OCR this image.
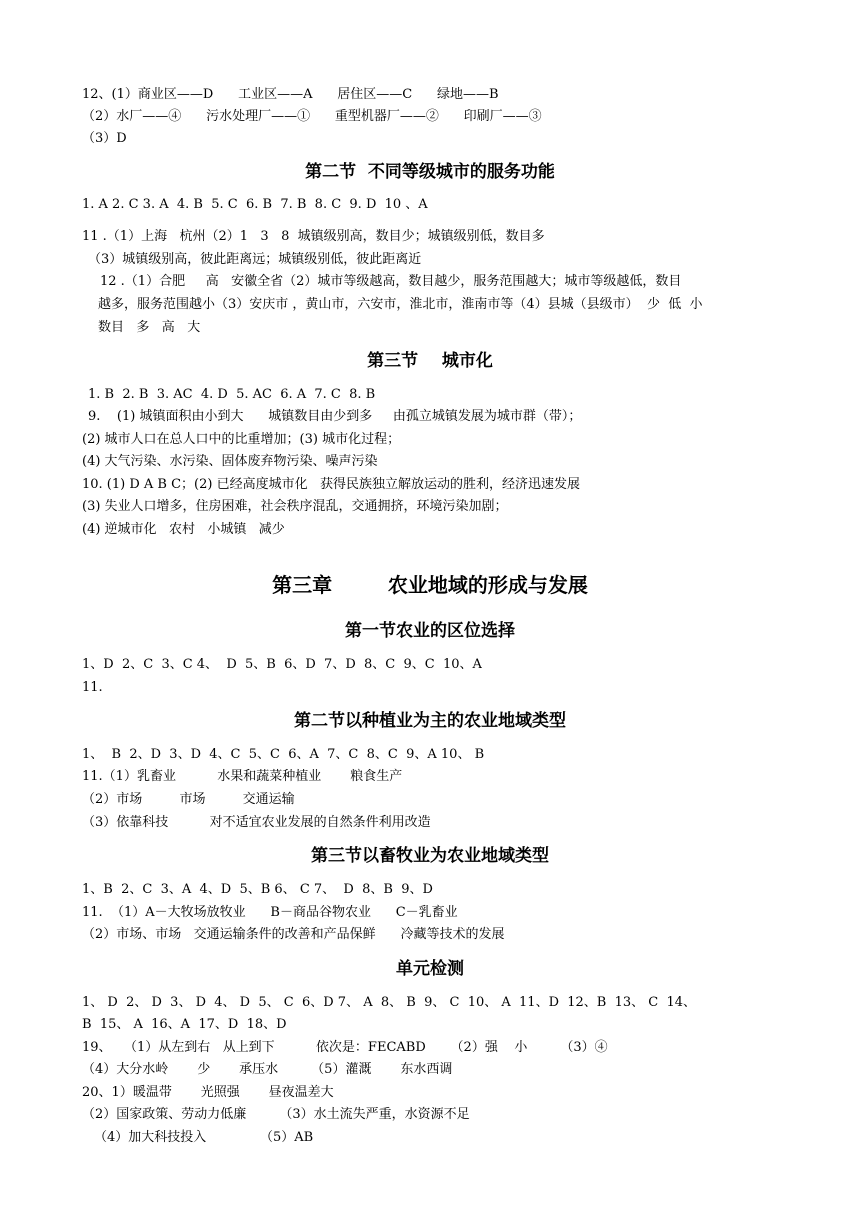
12、(1）商业区——D      工业区——A      居住区——C      绿地——B
（2）水厂——④      污水处理厂——①      重型机器厂——②      印刷厂——③
（3）D
第二节  不同等级城市的服务功能
1. A 2. C 3. A  4. B  5. C  6. B  7. B  8. C  9. D  10 、A
11 .（1）上海   杭州（2）1   3   8  城镇级别高，数目少；城镇级别低，数目多
（3）城镇级别高，彼此距离远；城镇级别低，彼此距离近
12 .（1）合肥     高   安徽全省（2）城市等级越高，数目越少，服务范围越大；城市等级越低，数目
越多，服务范围越小（3）安庆市 ，黄山市，六安市，淮北市，淮南市等（4）县城（县级市）  少  低  小
数目   多   高   大
第三节    城市化
1. B  2. B  3. AC  4. D  5. AC  6. A  7. C  8. B
9.    (1) 城镇面积由小到大      城镇数目由少到多     由孤立城镇发展为城市群（带）；
(2) 城市人口在总人口中的比重增加；(3) 城市化过程；
(4) 大气污染、水污染、固体废弃物污染、噪声污染
10. (1) D A B C；(2) 已经高度城市化   获得民族独立解放运动的胜利，经济迅速发展
(3) 失业人口增多，住房困难，社会秩序混乱，交通拥挤，环境污染加剧；
(4) 逆城市化   农村   小城镇   减少
第三章        农业地域的形成与发展
第一节农业的区位选择
1、D  2、C  3、C 4、  D  5、B  6、D  7、D  8、C  9、C  10、A
11.
第二节以种植业为主的农业地域类型
1、  B  2、D  3、D  4、C  5、C  6、A  7、C  8、C  9、A 10、 B
11.（1）乳畜业          水果和蔬菜种植业       粮食生产
（2）市场         市场         交通运输
（3）依靠科技          对不适宜农业发展的自然条件利用改造
第三节以畜牧业为农业地域类型
1、B  2、C  3、A  4、D  5、B 6、 C 7、  D  8、B  9、D
11.  （1）A－大牧场放牧业      B－商品谷物农业      C－乳畜业
（2）市场、市场   交通运输条件的改善和产品保鲜      冷藏等技术的发展
单元检测
1、 D  2、 D  3、 D  4、 D  5、 C  6、D 7、 A  8、 B  9、 C  10、 A  11、D  12、B  13、 C  14、
B  15、 A  16、A  17、D  18、D
19、   （1）从左到右   从上到下          依次是：FECABD      （2）强    小        （3）④
（4）大分水岭       少       承压水        （5）灌溉       东水西调
20、1）暖温带       光照强       昼夜温差大
（2）国家政策、劳动力低廉        （3）水土流失严重，水资源不足
（4）加大科技投入             （5）AB
